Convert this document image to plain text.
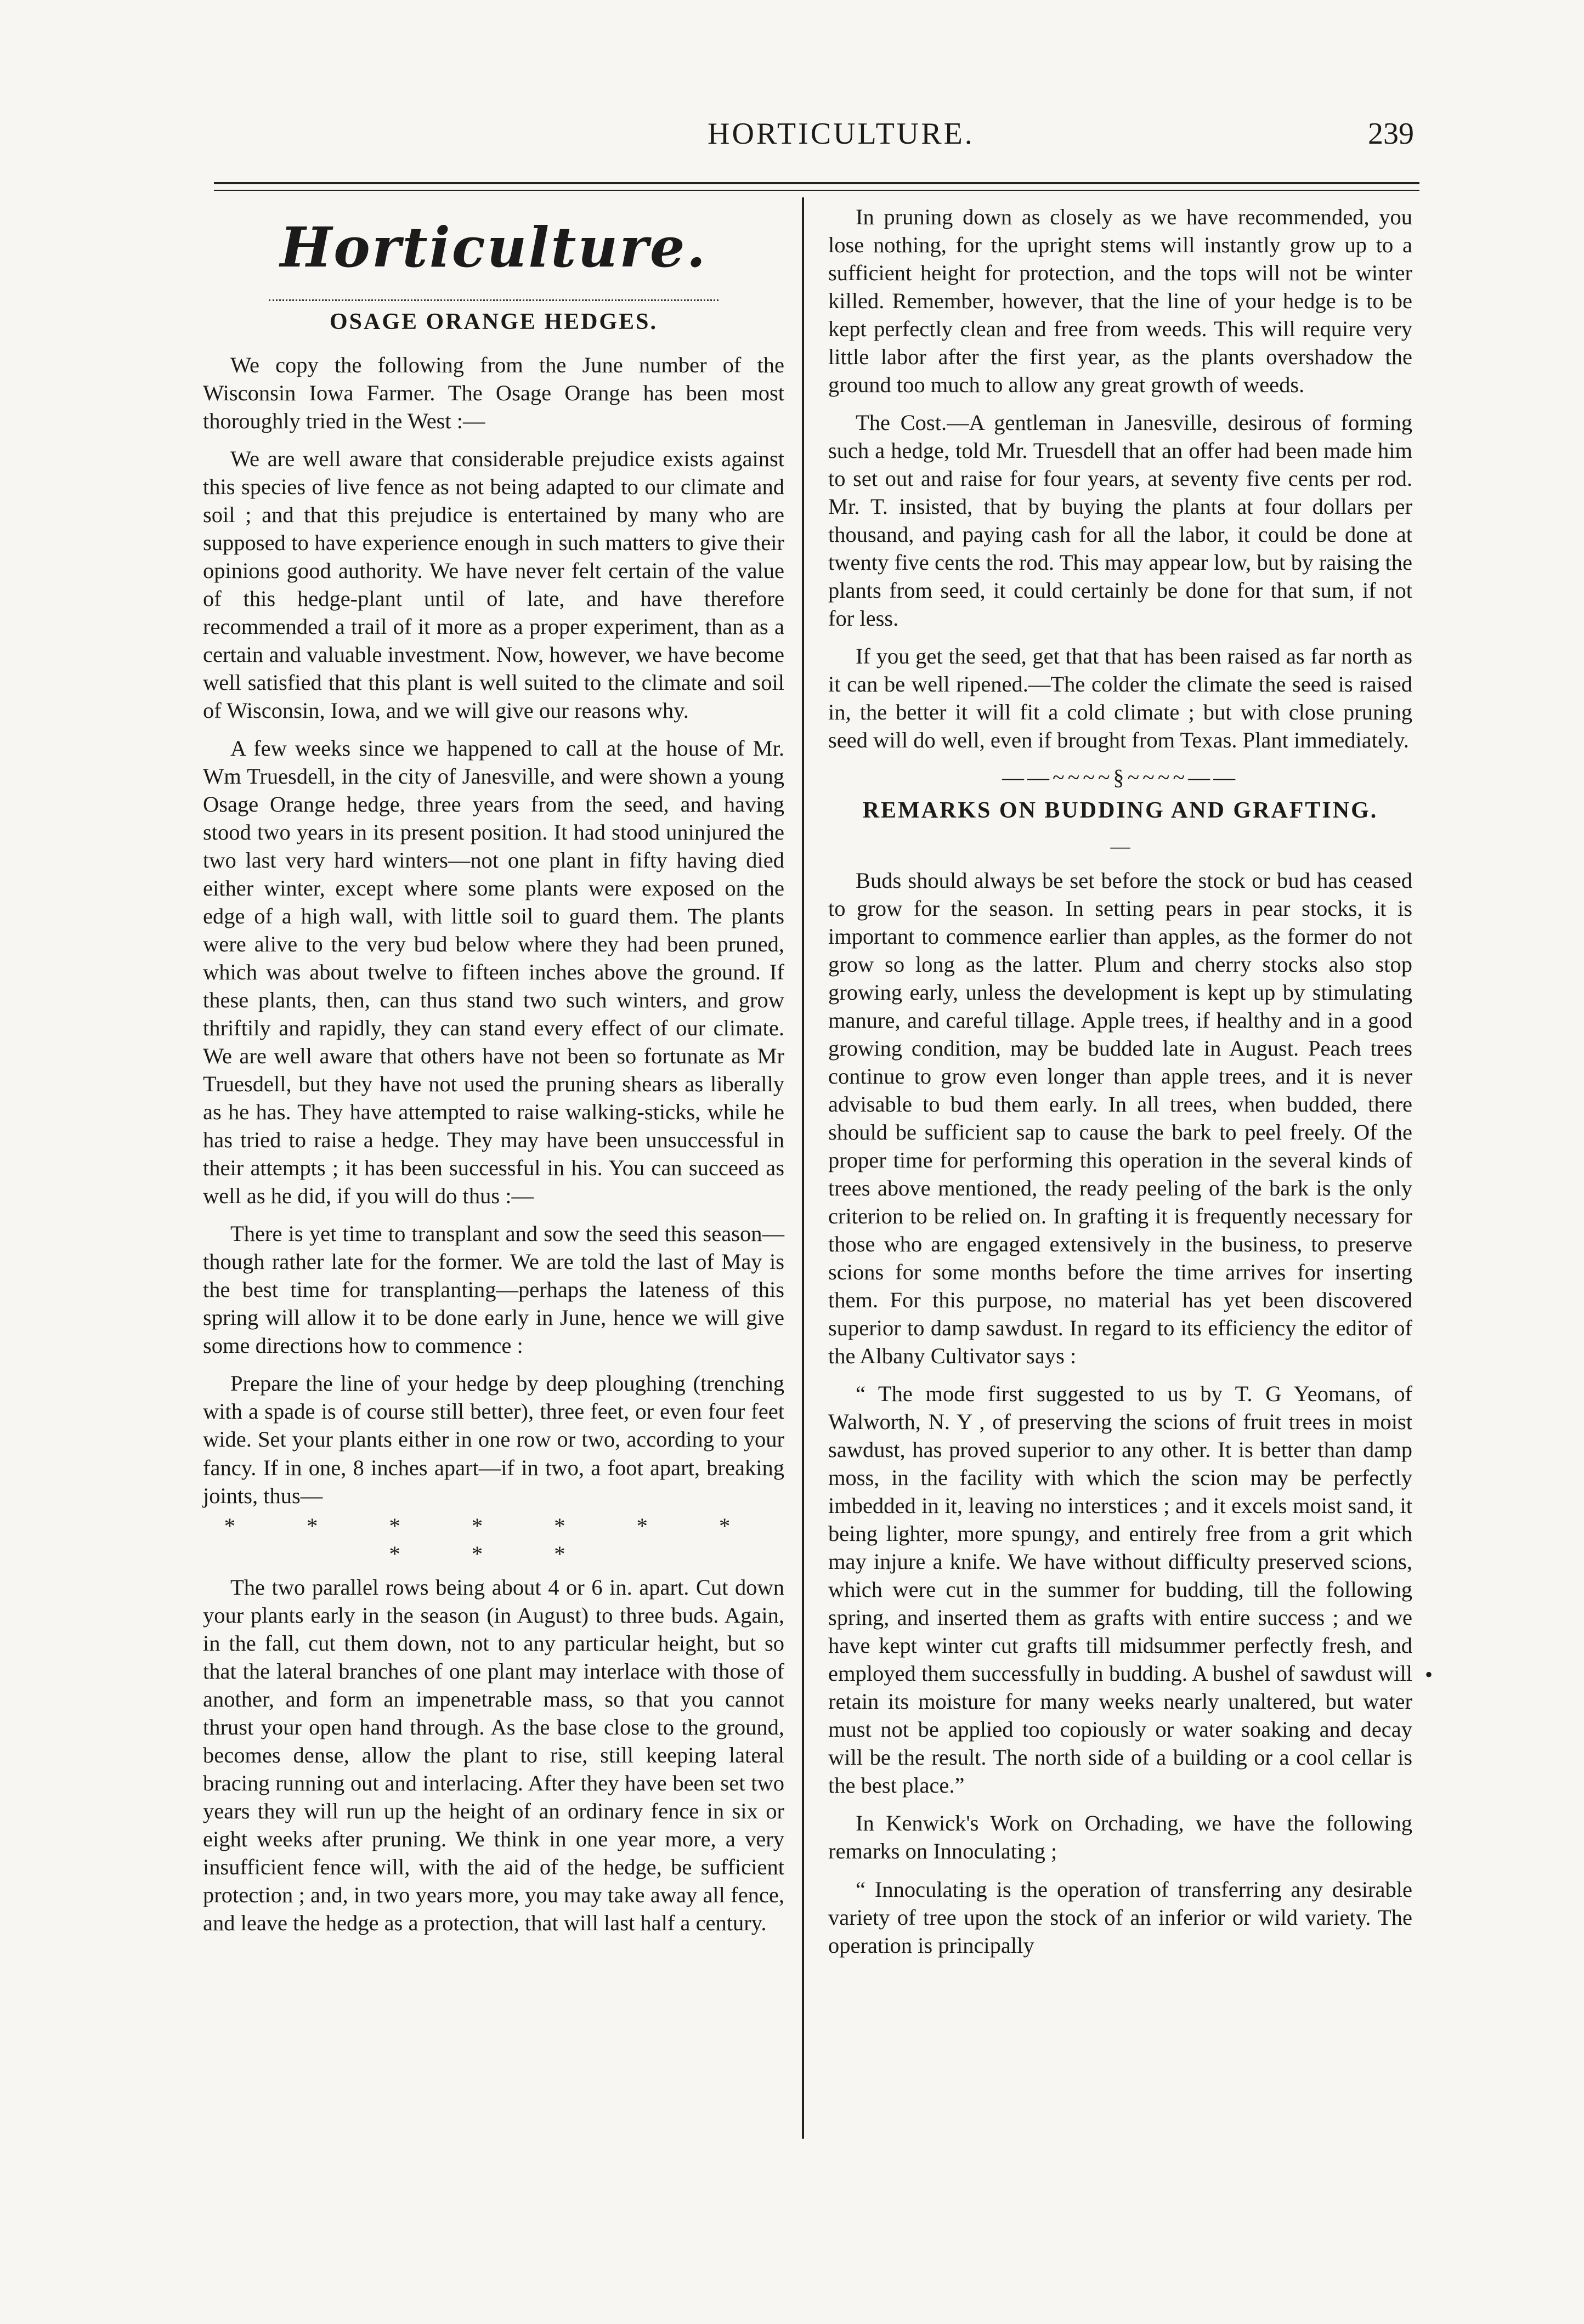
HORTICULTURE.	239
Horticulture.
OSAGE ORANGE HEDGES.

We copy the following from the June number of the Wisconsin Iowa Farmer. The Osage Orange has been most thoroughly tried in the West :—

We are well aware that considerable prejudice exists against this species of live fence as not being adapted to our climate and soil ; and that this prejudice is entertained by many who are supposed to have experience enough in such matters to give their opinions good authority. We have never felt certain of the value of this hedge-plant until of late, and have therefore recommended a trail of it more as a proper experiment, than as a certain and valuable investment. Now, however, we have become well satisfied that this plant is well suited to the climate and soil of Wisconsin, Iowa, and we will give our reasons why.

A few weeks since we happened to call at the house of Mr. Wm Truesdell, in the city of Janesville, and were shown a young Osage Orange hedge, three years from the seed, and having stood two years in its present position. It had stood uninjured the two last very hard winters—not one plant in fifty having died either winter, except where some plants were exposed on the edge of a high wall, with little soil to guard them. The plants were alive to the very bud below where they had been pruned, which was about twelve to fifteen inches above the ground. If these plants, then, can thus stand two such winters, and grow thriftily and rapidly, they can stand every effect of our climate. We are well aware that others have not been so fortunate as Mr Truesdell, but they have not used the pruning shears as liberally as he has. They have attempted to raise walking-sticks, while he has tried to raise a hedge. They may have been unsuccessful in their attempts ; it has been successful in his. You can succeed as well as he did, if you will do thus :—

There is yet time to transplant and sow the seed this season—though rather late for the former. We are told the last of May is the best time for transplanting—perhaps the lateness of this spring will allow it to be done early in June, hence we will give some directions how to commence :

Prepare the line of your hedge by deep ploughing (trenching with a spade is of course still better), three feet, or even four feet wide. Set your plants either in one row or two, according to your fancy. If in one, 8 inches apart—if in two, a foot apart, breaking joints, thus—

* * * * * * * * * *

The two parallel rows being about 4 or 6 in. apart. Cut down your plants early in the season (in August) to three buds. Again, in the fall, cut them down, not to any particular height, but so that the lateral branches of one plant may interlace with those of another, and form an impenetrable mass, so that you cannot thrust your open hand through. As the base close to the ground, becomes dense, allow the plant to rise, still keeping lateral bracing running out and interlacing. After they have been set two years they will run up the height of an ordinary fence in six or eight weeks after pruning. We think in one year more, a very insufficient fence will, with the aid of the hedge, be sufficient protection ; and, in two years more, you may take away all fence, and leave the hedge as a protection, that will last half a century.

In pruning down as closely as we have recommended, you lose nothing, for the upright stems will instantly grow up to a sufficient height for protection, and the tops will not be winter killed. Remember, however, that the line of your hedge is to be kept perfectly clean and free from weeds. This will require very little labor after the first year, as the plants overshadow the ground too much to allow any great growth of weeds.

The Cost.—A gentleman in Janesville, desirous of forming such a hedge, told Mr. Truesdell that an offer had been made him to set out and raise for four years, at seventy five cents per rod. Mr. T. insisted, that by buying the plants at four dollars per thousand, and paying cash for all the labor, it could be done at twenty five cents the rod. This may appear low, but by raising the plants from seed, it could certainly be done for that sum, if not for less.

If you get the seed, get that that has been raised as far north as it can be well ripened.—The colder the climate the seed is raised in, the better it will fit a cold climate ; but with close pruning seed will do well, even if brought from Texas. Plant immediately.

——~~~~§~~~~——
REMARKS ON BUDDING AND GRAFTING.
—

Buds should always be set before the stock or bud has ceased to grow for the season. In setting pears in pear stocks, it is important to commence earlier than apples, as the former do not grow so long as the latter. Plum and cherry stocks also stop growing early, unless the development is kept up by stimulating manure, and careful tillage. Apple trees, if healthy and in a good growing condition, may be budded late in August. Peach trees continue to grow even longer than apple trees, and it is never advisable to bud them early. In all trees, when budded, there should be sufficient sap to cause the bark to peel freely. Of the proper time for performing this operation in the several kinds of trees above mentioned, the ready peeling of the bark is the only criterion to be relied on. In grafting it is frequently necessary for those who are engaged extensively in the business, to preserve scions for some months before the time arrives for inserting them. For this purpose, no material has yet been discovered superior to damp sawdust. In regard to its efficiency the editor of the Albany Cultivator says :

“ The mode first suggested to us by T. G Yeomans, of Walworth, N. Y , of preserving the scions of fruit trees in moist sawdust, has proved superior to any other. It is better than damp moss, in the facility with which the scion may be perfectly imbedded in it, leaving no interstices ; and it excels moist sand, it being lighter, more spungy, and entirely free from a grit which may injure a knife. We have without difficulty preserved scions, which were cut in the summer for budding, till the following spring, and inserted them as grafts with entire success ; and we have kept winter cut grafts till midsummer perfectly fresh, and employed them successfully in budding. A bushel of sawdust will retain its moisture for many weeks nearly unaltered, but water must not be applied too copiously or water soaking and decay will be the result. The north side of a building or a cool cellar is the best place.”

In Kenwick's Work on Orchading, we have the following remarks on Innoculating ;

“ Innoculating is the operation of transferring any desirable variety of tree upon the stock of an inferior or wild variety. The operation is principally

•
